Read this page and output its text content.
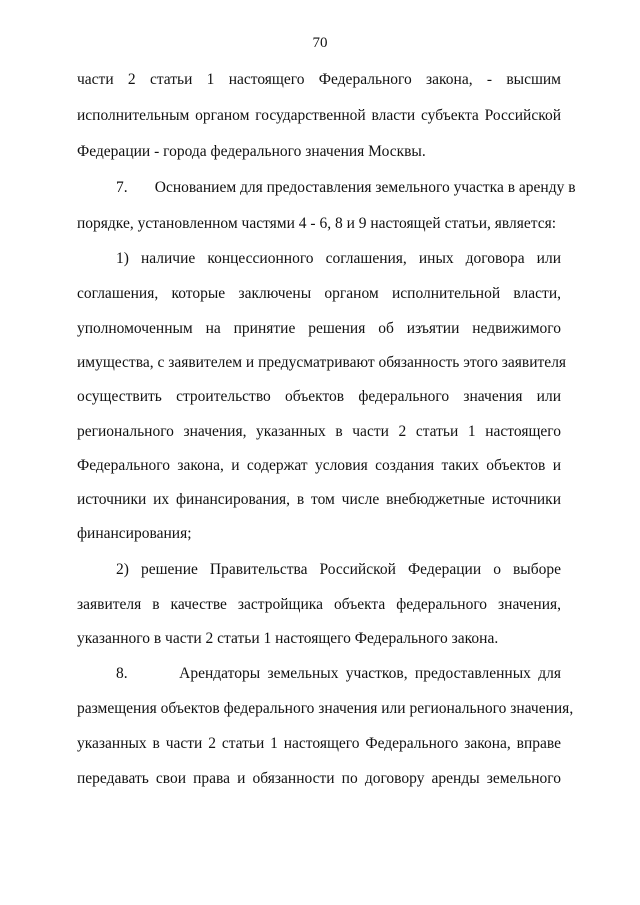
70
части 2 статьи 1 настоящего Федерального закона, - высшим
исполнительным органом государственной власти субъекта Российской
Федерации - города федерального значения Москвы.
7.       Основанием для предоставления земельного участка в аренду в
порядке, установленном частями 4 - 6, 8 и 9 настоящей статьи, является:
1) наличие концессионного соглашения, иных договора или
соглашения, которые заключены органом исполнительной власти,
уполномоченным на принятие решения об изъятии недвижимого
имущества, с заявителем и предусматривают обязанность этого заявителя
осуществить строительство объектов федерального значения или
регионального значения, указанных в части 2 статьи 1 настоящего
Федерального закона, и содержат условия создания таких объектов и
источники их финансирования, в том числе внебюджетные источники
финансирования;
2) решение Правительства Российской Федерации о выборе
заявителя в качестве застройщика объекта федерального значения,
указанного в части 2 статьи 1 настоящего Федерального закона.
8.       Арендаторы земельных участков, предоставленных для
размещения объектов федерального значения или регионального значения,
указанных в части 2 статьи 1 настоящего Федерального закона, вправе
передавать свои права и обязанности по договору аренды земельного
